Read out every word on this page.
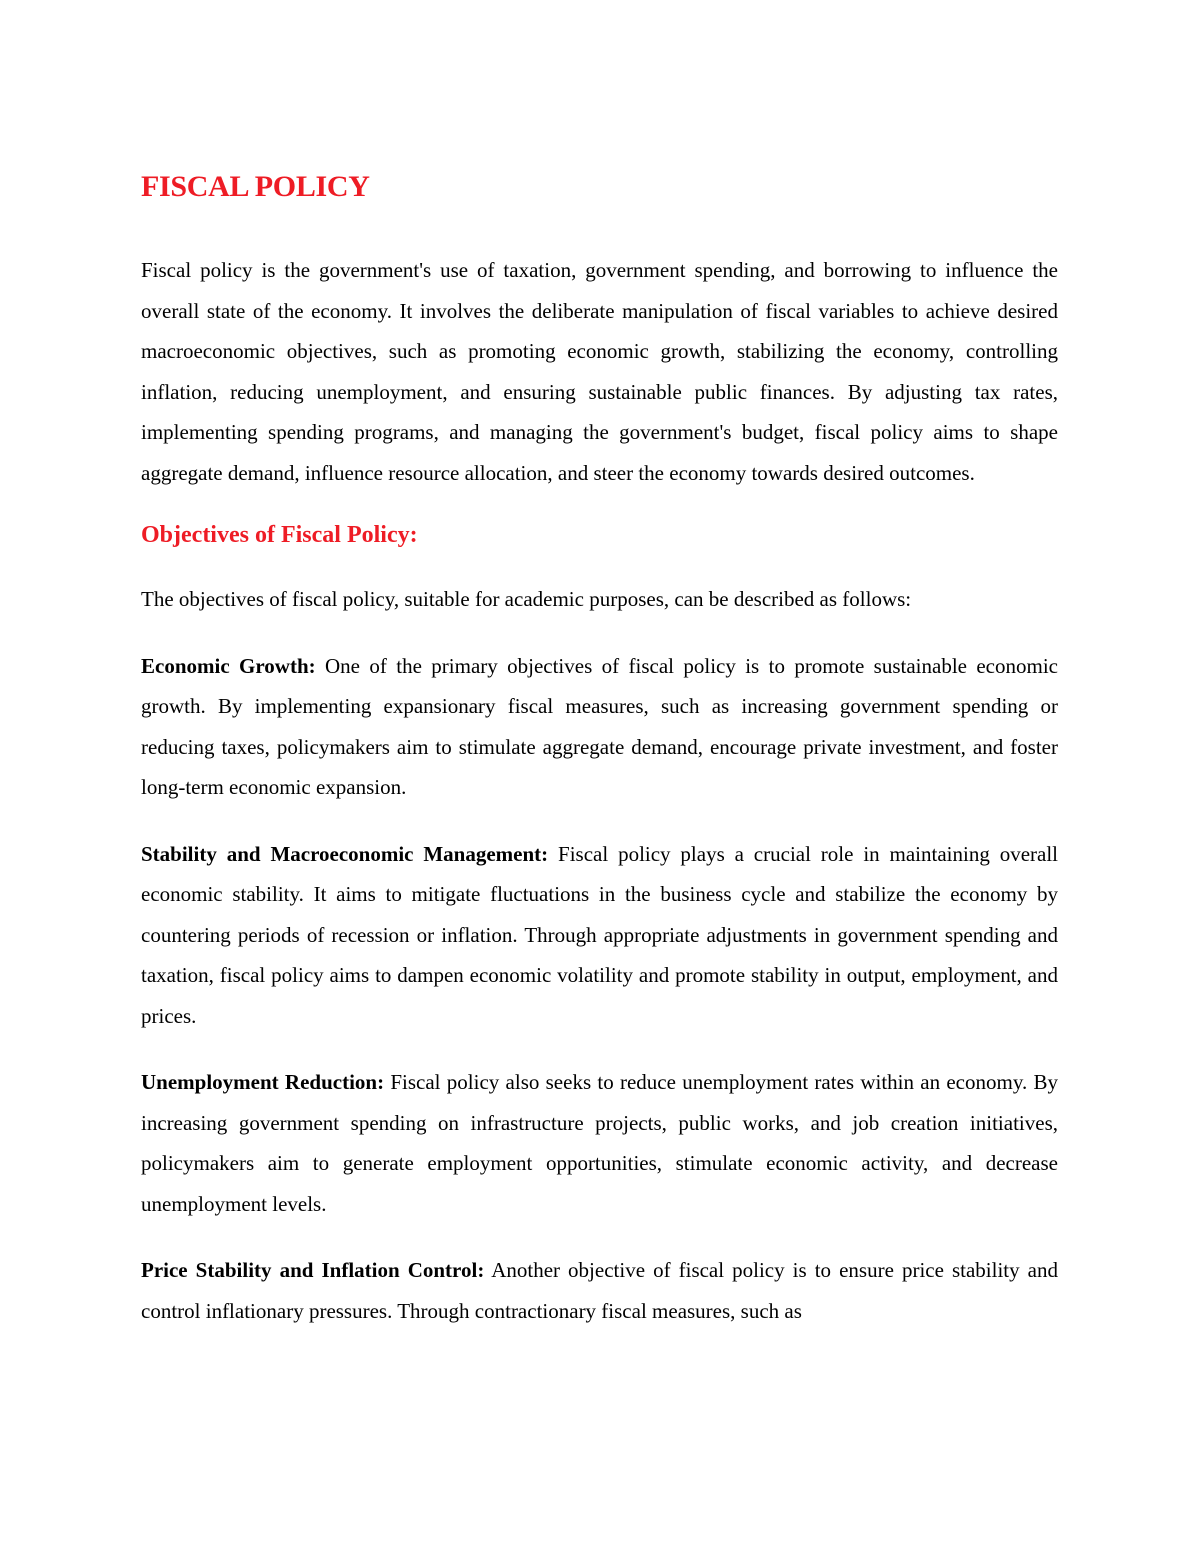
FISCAL POLICY

Fiscal policy is the government's use of taxation, government spending, and borrowing to influence the overall state of the economy. It involves the deliberate manipulation of fiscal variables to achieve desired macroeconomic objectives, such as promoting economic growth, stabilizing the economy, controlling inflation, reducing unemployment, and ensuring sustainable public finances. By adjusting tax rates, implementing spending programs, and managing the government's budget, fiscal policy aims to shape aggregate demand, influence resource allocation, and steer the economy towards desired outcomes.

Objectives of Fiscal Policy:

The objectives of fiscal policy, suitable for academic purposes, can be described as follows:

Economic Growth: One of the primary objectives of fiscal policy is to promote sustainable economic growth. By implementing expansionary fiscal measures, such as increasing government spending or reducing taxes, policymakers aim to stimulate aggregate demand, encourage private investment, and foster long-term economic expansion.

Stability and Macroeconomic Management: Fiscal policy plays a crucial role in maintaining overall economic stability. It aims to mitigate fluctuations in the business cycle and stabilize the economy by countering periods of recession or inflation. Through appropriate adjustments in government spending and taxation, fiscal policy aims to dampen economic volatility and promote stability in output, employment, and prices.

Unemployment Reduction: Fiscal policy also seeks to reduce unemployment rates within an economy. By increasing government spending on infrastructure projects, public works, and job creation initiatives, policymakers aim to generate employment opportunities, stimulate economic activity, and decrease unemployment levels.

Price Stability and Inflation Control: Another objective of fiscal policy is to ensure price stability and control inflationary pressures. Through contractionary fiscal measures, such as
